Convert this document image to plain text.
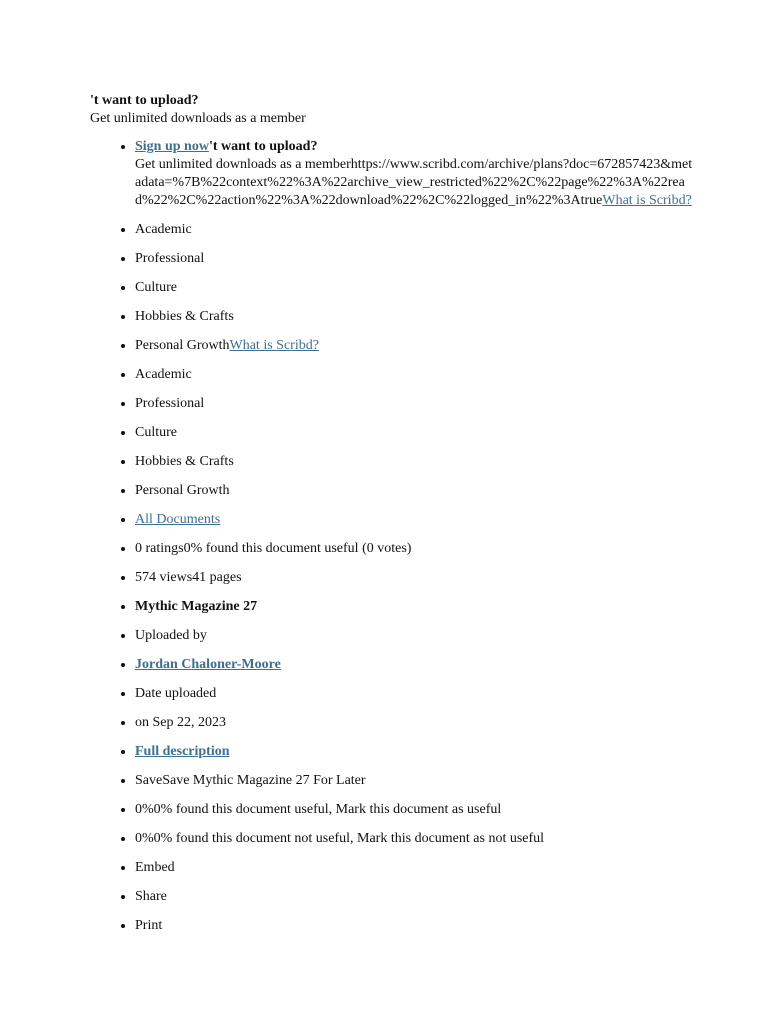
't want to upload?
Get unlimited downloads as a member
• Sign up now't want to upload?
Get unlimited downloads as a memberhttps://www.scribd.com/archive/plans?doc=672857423&metadata=%7B%22context%22%3A%22archive_view_restricted%22%2C%22page%22%3A%22read%22%2C%22action%22%3A%22download%22%2C%22logged_in%22%3AtrueWhat is Scribd?
• Academic
• Professional
• Culture
• Hobbies & Crafts
• Personal GrowthWhat is Scribd?
• Academic
• Professional
• Culture
• Hobbies & Crafts
• Personal Growth
• All Documents
• 0 ratings0% found this document useful (0 votes)
• 574 views41 pages
• Mythic Magazine 27
• Uploaded by
• Jordan Chaloner-Moore
• Date uploaded
• on Sep 22, 2023
• Full description
• SaveSave Mythic Magazine 27 For Later
• 0%0% found this document useful, Mark this document as useful
• 0%0% found this document not useful, Mark this document as not useful
• Embed
• Share
• Print
